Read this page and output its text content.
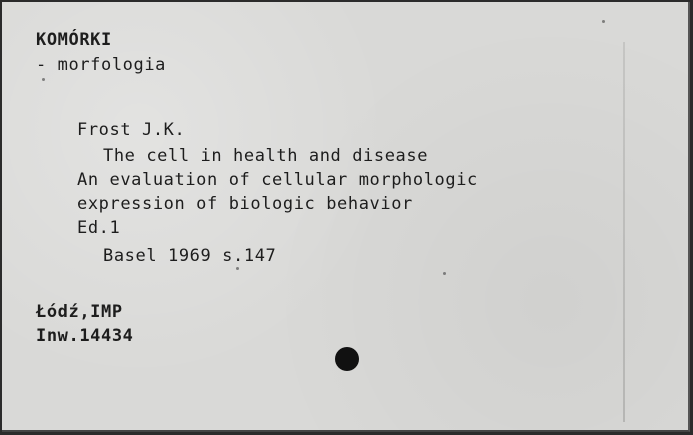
KOMÓRKI
- morfologia
Frost J.K.
The cell in health and disease
An evaluation of cellular morphologic
expression of biologic behavior
Ed.1
Basel 1969 s.147
Łódź,IMP
Inw.14434
